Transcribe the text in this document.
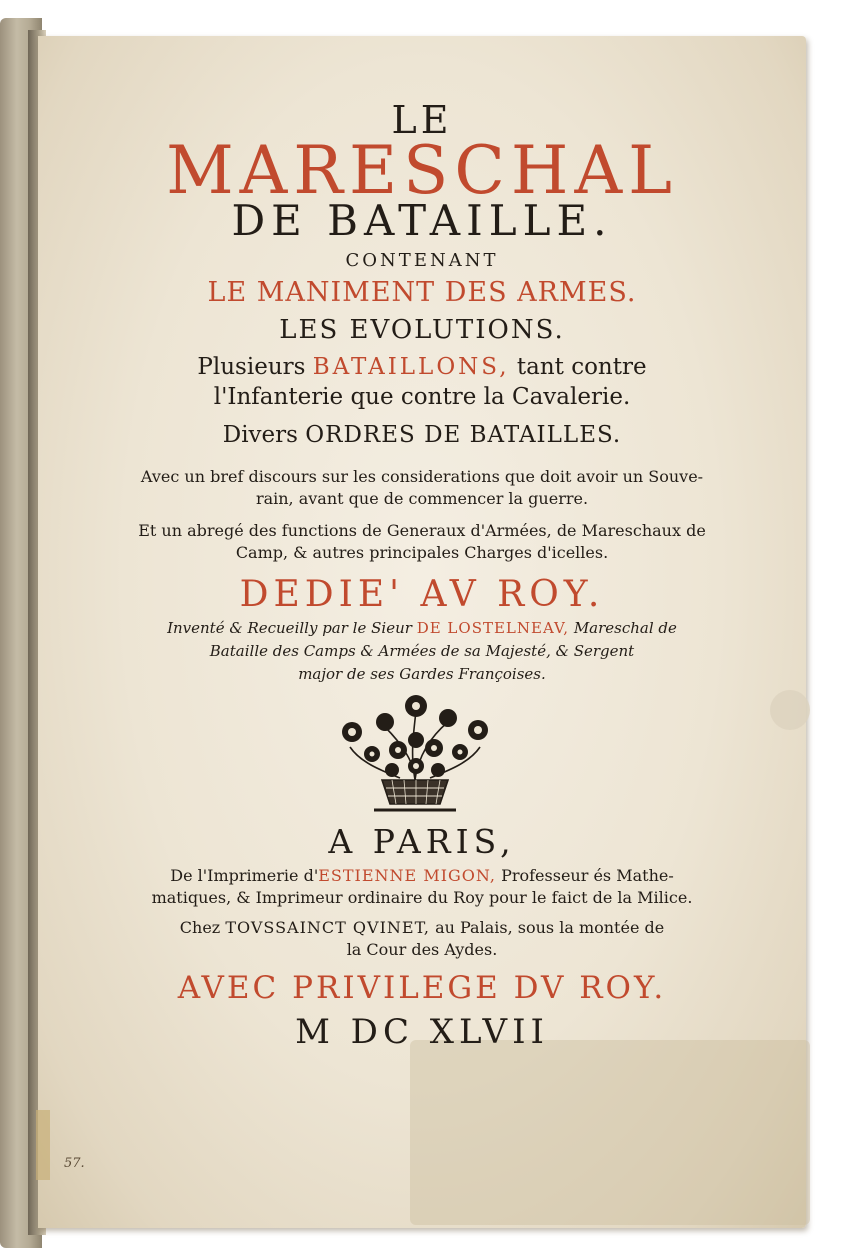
LE
MARESCHAL
DE BATAILLE.
CONTENANT
LE MANIMENT DES ARMES.
LES EVOLUTIONS.
Plusieurs BATAILLONS, tant contre
l'Infanterie que contre la Cavalerie.
Divers ORDRES DE BATAILLES.
Avec un bref discours sur les considerations que doit avoir un Souve-
rain, avant que de commencer la guerre.
Et un abregé des functions de Generaux d'Armées, de Mareschaux de
Camp, & autres principales Charges d'icelles.
DEDIE' AV ROY.
Inventé & Recueilly par le Sieur DE LOSTELNEAV, Mareschal de
Bataille des Camps & Armées de sa Majesté, & Sergent
major de ses Gardes Françoises.
A PARIS,
De l'Imprimerie d'ESTIENNE MIGON, Professeur és Mathe-
matiques, & Imprimeur ordinaire du Roy pour le faict de la Milice.
Chez TOVSSAINCT QVINET, au Palais, sous la montée de
la Cour des Aydes.
AVEC PRIVILEGE DV ROY.
M DC XLVII
57.
